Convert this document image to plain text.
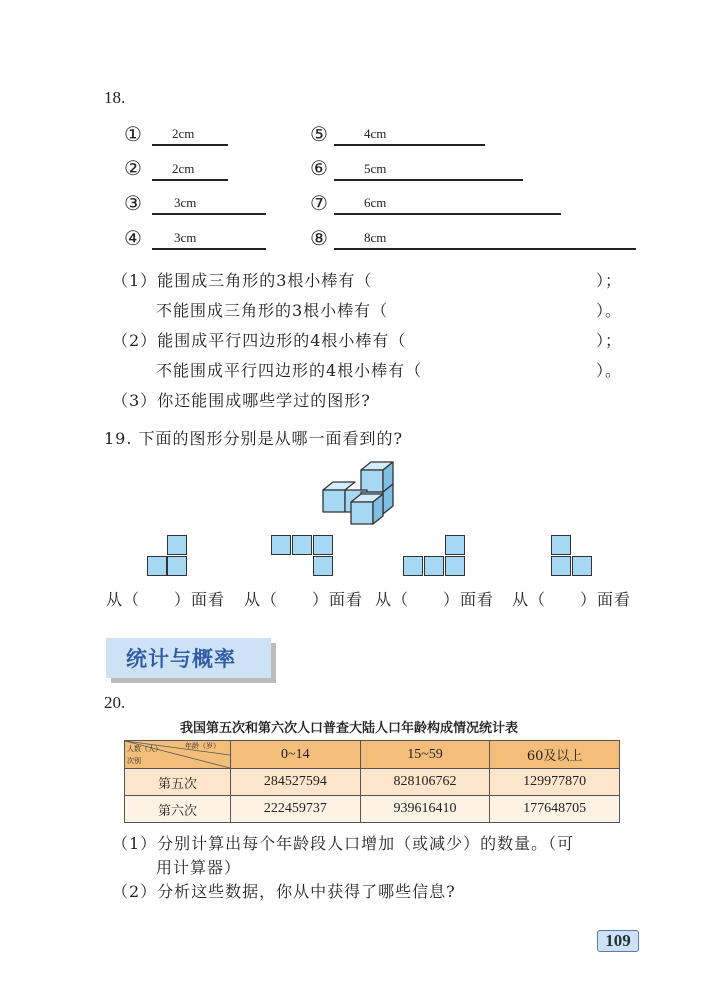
18.
① 2cm
② 2cm
③ 3cm
④ 3cm
⑤	4cm
⑥	5cm
⑦	6cm
⑧	8cm
（1）能围成三角形的3根小棒有（	）；
不能围成三角形的3根小棒有（	）。
（2）能围成平行四边形的4根小棒有（	）；
不能围成平行四边形的4根小棒有（	）。
（3）你还能围成哪些学过的图形?
19. 下面的图形分别是从哪一面看到的?
从（　　）面看 从（　　）面看 从（　　）面看 从（　　）面看
统计与概率
20.
我国第五次和第六次人口普查大陆人口年龄构成情况统计表
年龄（岁）
人数（人）
次别	0~14	15~59	60及以上
第五次	284527594	828106762	129977870
第六次	222459737	939616410	177648705
（1）分别计算出每个年龄段人口增加（或减少）的数量。（可
用计算器）
（2）分析这些数据，你从中获得了哪些信息?
109
